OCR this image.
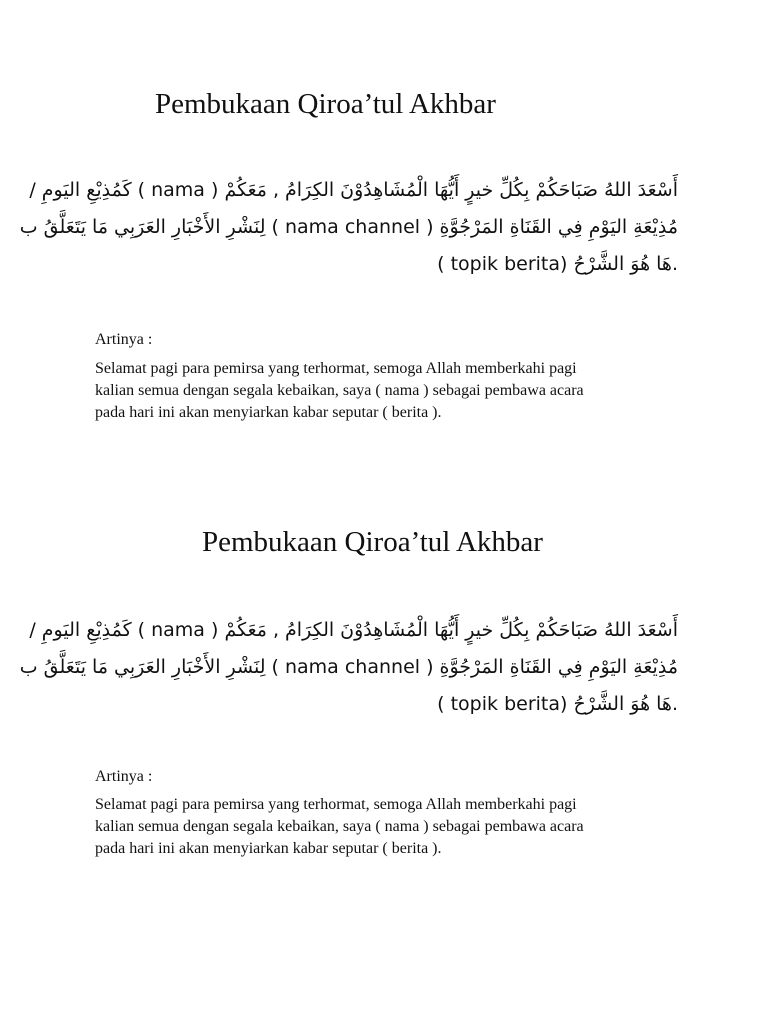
Pembukaan Qiroa’tul Akhbar
أَسْعَدَ اللهُ صَبَاحَكُمْ بِكُلِّ خيرٍ أَيُّهَا الْمُشَاهِدُوْنَ الكِرَامُ , مَعَكُمْ ( nama ) كَمُذِيْعِ اليَومِ /
مُذِيْعَةِ اليَوْمِ فِي القَنَاةِ المَرْجُوَّةِ ( nama channel ) لِنَشْرِ الأَخْبَارِ العَرَبِي مَا يَتَعَلَّقُ ب
( topik berita) هَا هُوَ الشَّرْحُ.

Artinya :

Selamat pagi para pemirsa yang terhormat, semoga Allah memberkahi pagi
kalian semua dengan segala kebaikan, saya ( nama ) sebagai pembawa acara
pada hari ini akan menyiarkan kabar seputar ( berita ).

Pembukaan Qiroa’tul Akhbar
أَسْعَدَ اللهُ صَبَاحَكُمْ بِكُلِّ خيرٍ أَيُّهَا الْمُشَاهِدُوْنَ الكِرَامُ , مَعَكُمْ ( nama ) كَمُذِيْعِ اليَومِ /
مُذِيْعَةِ اليَوْمِ فِي القَنَاةِ المَرْجُوَّةِ ( nama channel ) لِنَشْرِ الأَخْبَارِ العَرَبِي مَا يَتَعَلَّقُ ب
( topik berita) هَا هُوَ الشَّرْحُ.

Artinya :

Selamat pagi para pemirsa yang terhormat, semoga Allah memberkahi pagi
kalian semua dengan segala kebaikan, saya ( nama ) sebagai pembawa acara
pada hari ini akan menyiarkan kabar seputar ( berita ).
